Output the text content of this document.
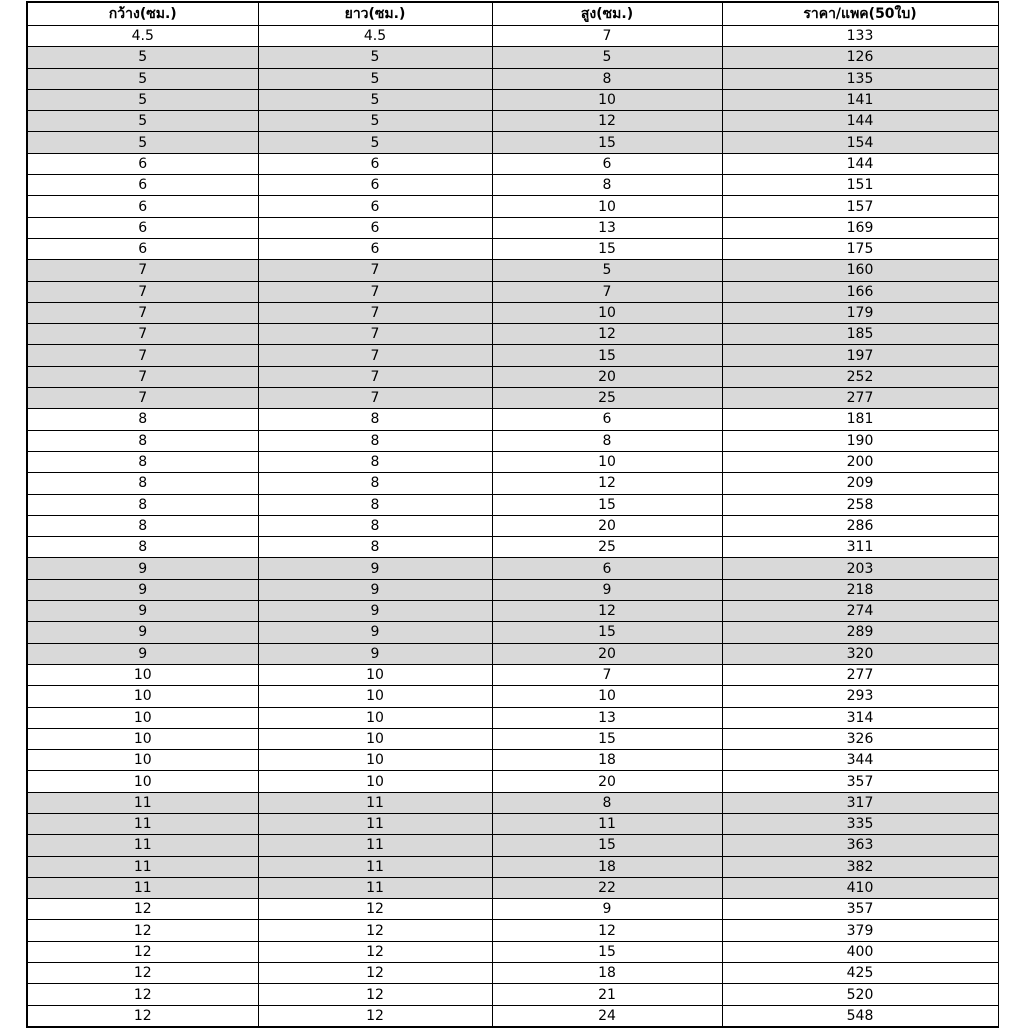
กว้าง(ซม.)	ยาว(ซม.)	สูง(ซม.)	ราคา/แพค(50ใบ)
4.5	4.5	7	133
5	5	5	126
5	5	8	135
5	5	10	141
5	5	12	144
5	5	15	154
6	6	6	144
6	6	8	151
6	6	10	157
6	6	13	169
6	6	15	175
7	7	5	160
7	7	7	166
7	7	10	179
7	7	12	185
7	7	15	197
7	7	20	252
7	7	25	277
8	8	6	181
8	8	8	190
8	8	10	200
8	8	12	209
8	8	15	258
8	8	20	286
8	8	25	311
9	9	6	203
9	9	9	218
9	9	12	274
9	9	15	289
9	9	20	320
10	10	7	277
10	10	10	293
10	10	13	314
10	10	15	326
10	10	18	344
10	10	20	357
11	11	8	317
11	11	11	335
11	11	15	363
11	11	18	382
11	11	22	410
12	12	9	357
12	12	12	379
12	12	15	400
12	12	18	425
12	12	21	520
12	12	24	548
